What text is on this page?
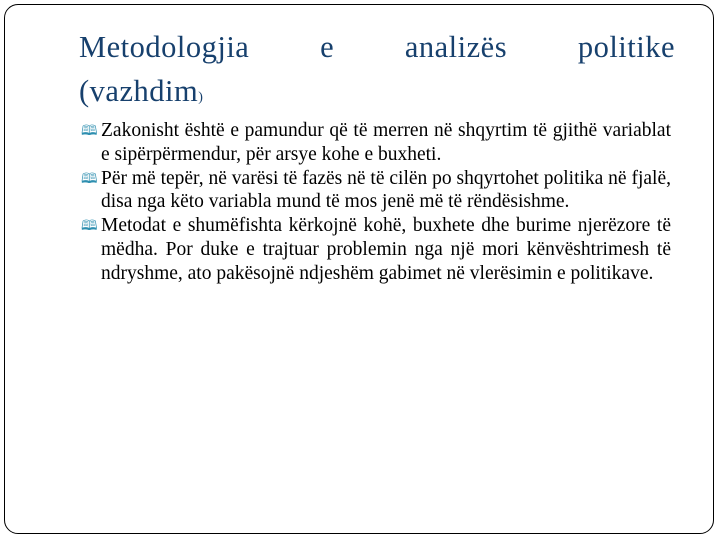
Metodologjia e analizës politike
(vazhdim)
🕮 Zakonisht është e pamundur që të merren në shqyrtim të gjithë variablat e sipërpërmendur, për arsye kohe e buxheti.
🕮 Për më tepër, në varësi të fazës në të cilën po shqyrtohet politika në fjalë, disa nga këto variabla mund të mos jenë më të rëndësishme.
🕮 Metodat e shumëfishta kërkojnë kohë, buxhete dhe burime njerëzore të mëdha. Por duke e trajtuar problemin nga një mori kënvështrimesh të ndryshme, ato pakësojnë ndjeshëm gabimet në vlerësimin e politikave.
